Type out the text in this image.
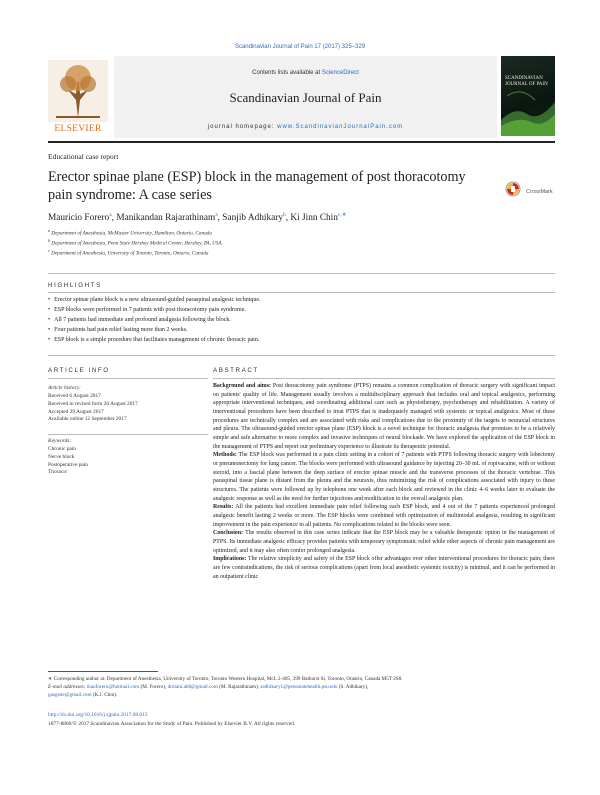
Scandinavian Journal of Pain 17 (2017) 325–329
ELSEVIER
Contents lists available at ScienceDirect
Scandinavian Journal of Pain
journal homepage: www.ScandinavianJournalPain.com
SCANDINAVIAN JOURNAL OF PAIN
Educational case report
Erector spinae plane (ESP) block in the management of post thoracotomy pain syndrome: A case series	CrossMark
Mauricio Forero$^a$, Manikandan Rajarathinam$^a$, Sanjib Adhikary$^b$, Ki Jinn Chin$^{c,∗}$
$^a$ Department of Anesthesia, McMaster University, Hamilton, Ontario, Canada
$^b$ Department of Anesthesia, Penn State Hershey Medical Center, Hershey, PA, USA
$^c$ Department of Anesthesia, University of Toronto, Toronto, Ontario, Canada
HIGHLIGHTS
• Erector spinae plane block is a new ultrasound-guided paraspinal analgesic technique.
• ESP blocks were performed in 7 patients with post thoracotomy pain syndrome.
• All 7 patients had immediate and profound analgesia following the block.
• Four patients had pain relief lasting more than 2 weeks.
• ESP block is a simple procedure that facilitates management of chronic thoracic pain.
ARTICLE INFO
Article history:
Received 6 August 2017
Received in revised form 26 August 2017
Accepted 29 August 2017
Available online 12 September 2017
Keywords:
Chronic pain
Nerve block
Postoperative pain
Thoracic
ABSTRACT

Background and aims: Post thoracotomy pain syndrome (PTPS) remains a common complication of thoracic surgery with significant impact on patients' quality of life. Management usually involves a multidisciplinary approach that includes oral and topical analgesics, performing appropriate interventional techniques, and coordinating additional care such as physiotherapy, psychotherapy and rehabilitation. A variety of interventional procedures have been described to treat PTPS that is inadequately managed with systemic or topical analgesics. Most of these procedures are technically complex and are associated with risks and complications due to the proximity of the targets to neuraxial structures and pleura. The ultrasound-guided erector spinae plane (ESP) block is a novel technique for thoracic analgesia that promises to be a relatively simple and safe alternative to more complex and invasive techniques of neural blockade. We have explored the application of the ESP block in the management of PTPS and report our preliminary experience to illustrate its therapeutic potential.

Methods: The ESP block was performed in a pain clinic setting in a cohort of 7 patients with PTPS following thoracic surgery with lobectomy or pneumonectomy for lung cancer. The blocks were performed with ultrasound guidance by injecting 20–30 mL of ropivacaine, with or without steroid, into a fascial plane between the deep surface of erector spinae muscle and the transverse processes of the thoracic vertebrae. This paraspinal tissue plane is distant from the pleura and the neuraxis, thus minimizing the risk of complications associated with injury to these structures. The patients were followed up by telephone one week after each block and reviewed in the clinic 4–6 weeks later to evaluate the analgesic response as well as the need for further injections and modification to the overall analgesic plan.

Results: All the patients had excellent immediate pain relief following each ESP block, and 4 out of the 7 patients experienced prolonged analgesic benefit lasting 2 weeks or more. The ESP blocks were combined with optimization of multimodal analgesia, resulting in significant improvement in the pain experience in all patients. No complications related to the blocks were seen.

Conclusion: The results observed in this case series indicate that the ESP block may be a valuable therapeutic option in the management of PTPS. Its immediate analgesic efficacy provides patients with temporary symptomatic relief while other aspects of chronic pain management are optimized, and it may also often confer prolonged analgesia.

Implications: The relative simplicity and safety of the ESP block offer advantages over other interventional procedures for thoracic pain; there are few contraindications, the risk of serious complications (apart from local anesthetic systemic toxicity) is minimal, and it can be performed in an outpatient clinic

∗ Corresponding author at: Department of Anesthesia, University of Toronto, Toronto Western Hospital, McL 2-405, 399 Bathurst St, Toronto, Ontario, Canada M5T 2S8.
E-mail addresses: mauforero@hotmail.com (M. Forero), drmani.ab8@gmail.com (M. Rajarathinam), sadhikary1@pennstatehealth.psu.edu (S. Adhikary),
gasgene@gmail.com (K.J. Chin).
http://dx.doi.org/10.1016/j.sjpain.2017.08.013
1877-8860/© 2017 Scandinavian Association for the Study of Pain. Published by Elsevier B.V. All rights reserved.
